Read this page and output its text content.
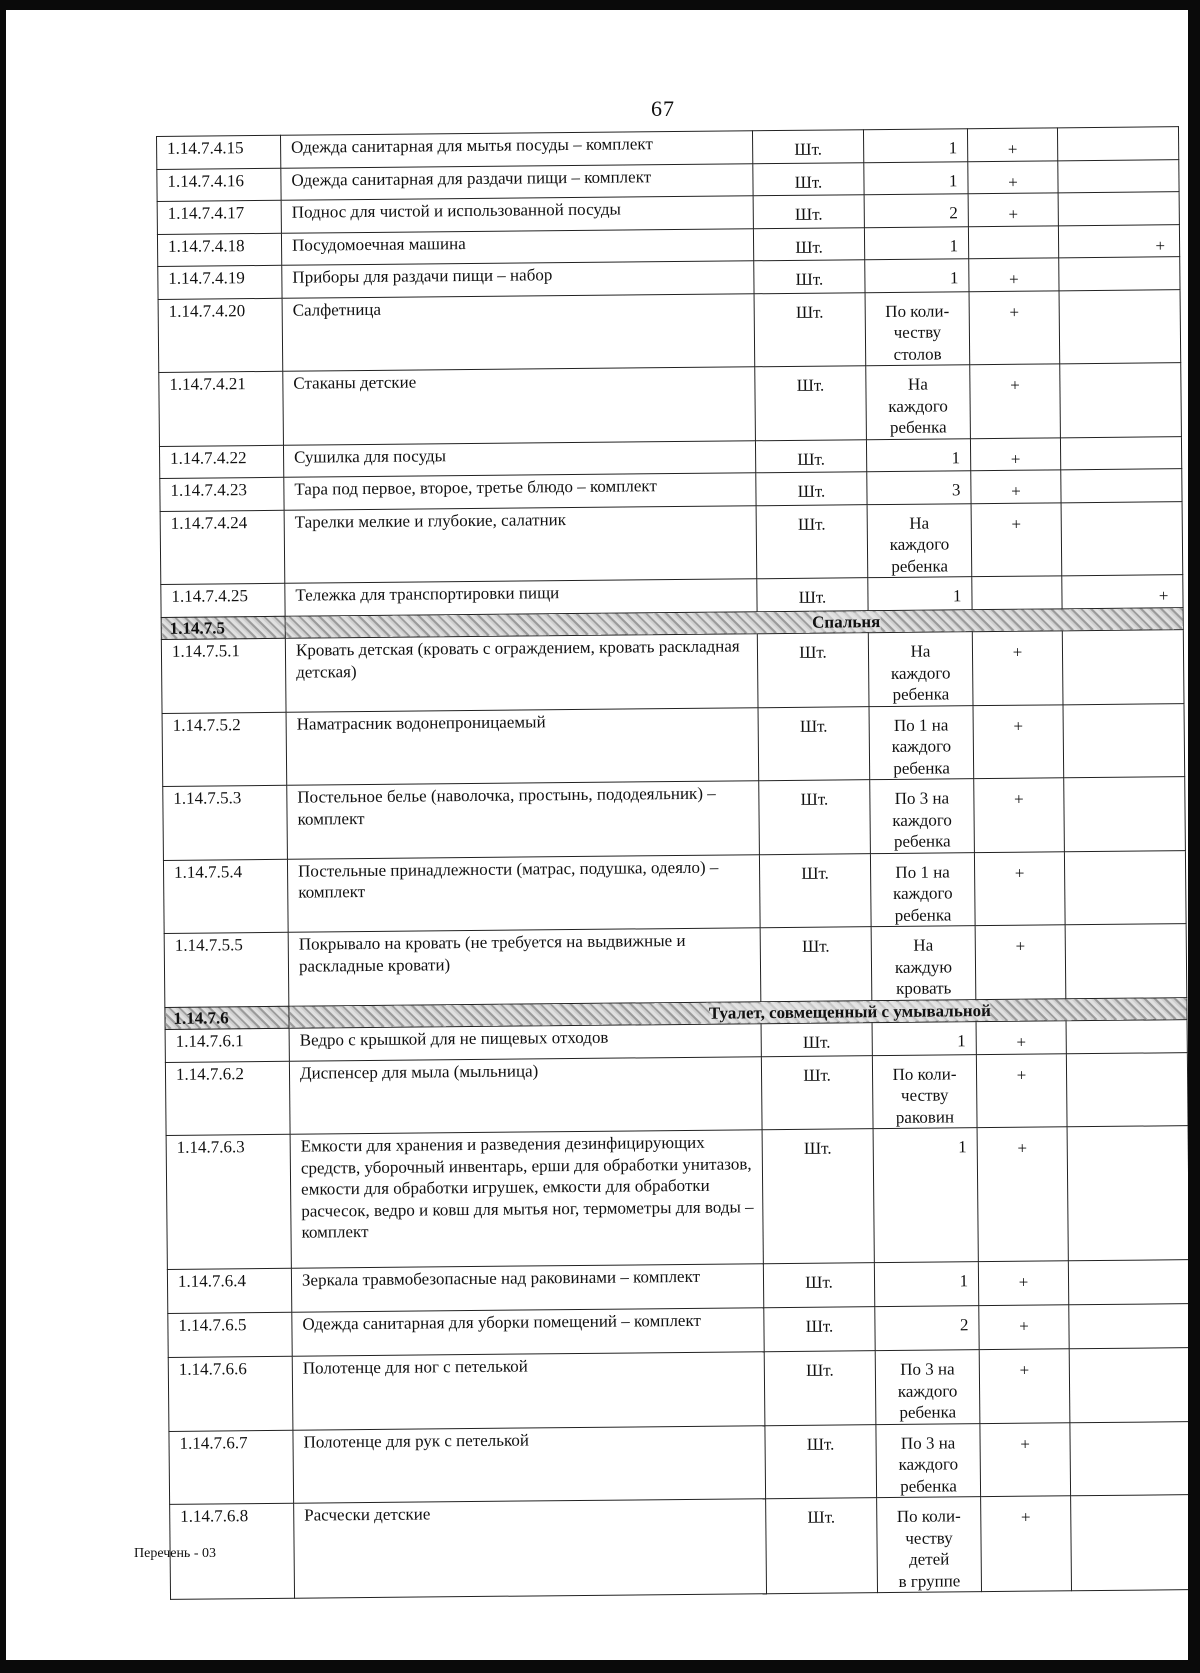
67
1.14.7.4.15	Одежда санитарная для мытья посуды – комплект	Шт.	1	+	
1.14.7.4.16	Одежда санитарная для раздачи пищи – комплект	Шт.	1	+	
1.14.7.4.17	Поднос для чистой и использованной посуды	Шт.	2	+	
1.14.7.4.18	Посудомоечная машина	Шт.	1		+
1.14.7.4.19	Приборы для раздачи пищи – набор	Шт.	1	+	
1.14.7.4.20	Салфетница	Шт.	По коли-
честву
столов	+	
1.14.7.4.21	Стаканы детские	Шт.	На
каждого
ребенка	+	
1.14.7.4.22	Сушилка для посуды	Шт.	1	+	
1.14.7.4.23	Тара под первое, второе, третье блюдо – комплект	Шт.	3	+	
1.14.7.4.24	Тарелки мелкие и глубокие, салатник	Шт.	На
каждого
ребенка	+	
1.14.7.4.25	Тележка для транспортировки пищи	Шт.	1		+
1.14.7.5	Спальня				
1.14.7.5.1	Кровать детская (кровать с ограждением, кровать раскладная детская)	Шт.	На
каждого
ребенка	+	
1.14.7.5.2	Наматрасник водонепроницаемый	Шт.	По 1 на
каждого
ребенка	+	
1.14.7.5.3	Постельное белье (наволочка, простынь, пододеяльник) – комплект	Шт.	По 3 на
каждого
ребенка	+	
1.14.7.5.4	Постельные принадлежности (матрас, подушка, одеяло) – комплект	Шт.	По 1 на
каждого
ребенка	+	
1.14.7.5.5	Покрывало на кровать (не требуется на выдвижные и раскладные кровати)	Шт.	На
каждую
кровать	+	
1.14.7.6	Туалет, совмещенный с умывальной				
1.14.7.6.1	Ведро с крышкой для не пищевых отходов	Шт.	1	+	
1.14.7.6.2	Диспенсер для мыла (мыльница)	Шт.	По коли-
честву
раковин	+	
1.14.7.6.3	Емкости для хранения и разведения дезинфицирующих средств, уборочный инвентарь, ерши для обработки унитазов, емкости для обработки игрушек, емкости для обработки расчесок, ведро и ковш для мытья ног, термометры для воды – комплект	Шт.	1	+	
1.14.7.6.4	Зеркала травмобезопасные над раковинами – комплект	Шт.	1	+	
1.14.7.6.5	Одежда санитарная для уборки помещений – комплект	Шт.	2	+	
1.14.7.6.6	Полотенце для ног с петелькой	Шт.	По 3 на
каждого
ребенка	+	
1.14.7.6.7	Полотенце для рук с петелькой	Шт.	По 3 на
каждого
ребенка	+	
1.14.7.6.8	Расчески детские	Шт.	По коли-
честву
детей
в группе	+	
Перечень - 03
